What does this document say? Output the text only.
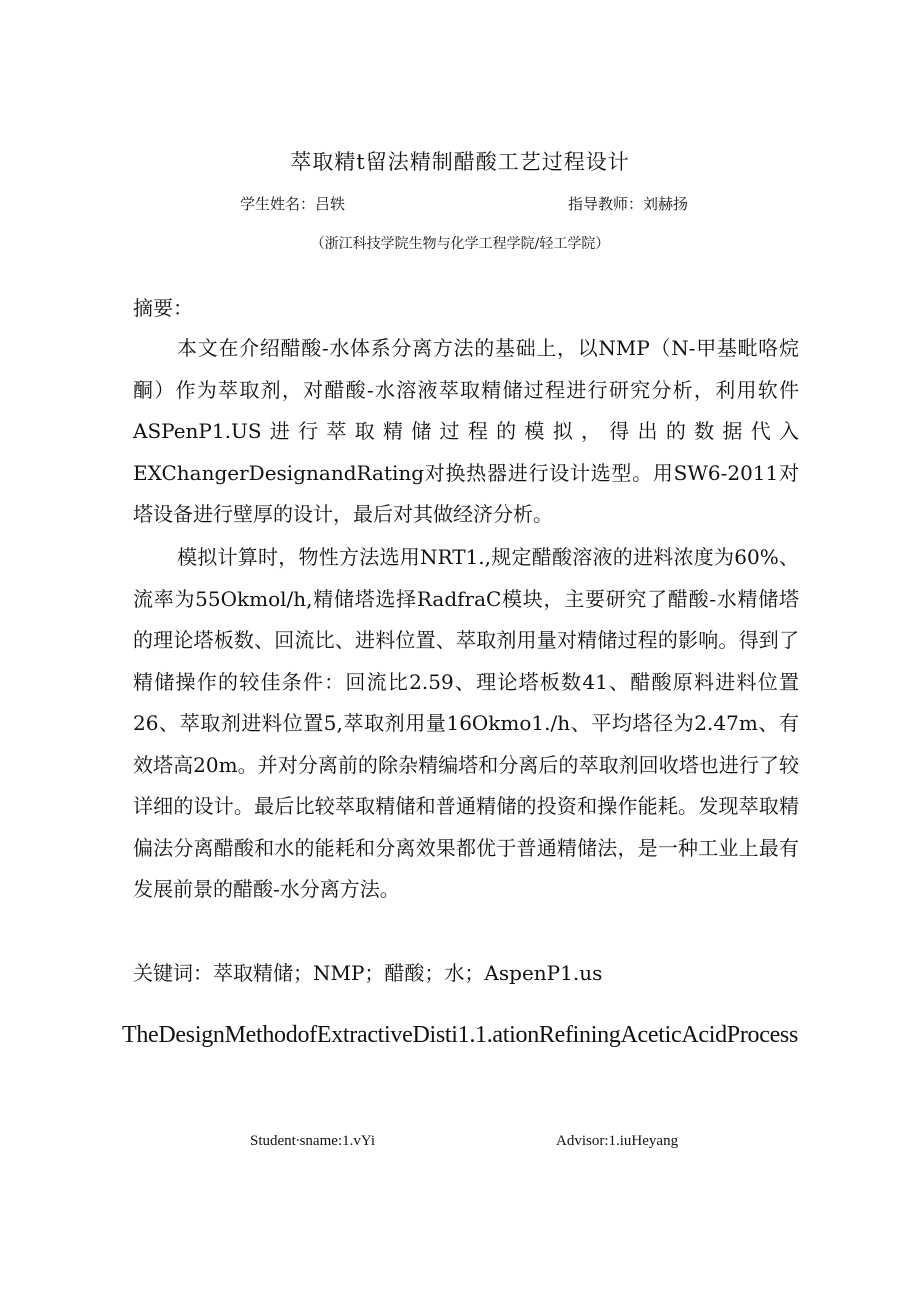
萃取精t留法精制醋酸工艺过程设计
学生姓名：吕轶	指导教师：刘赫扬
（浙江科技学院生物与化学工程学院/轻工学院）
摘要：

本文在介绍醋酸-水体系分离方法的基础上，以NMP（N-甲基毗咯烷酮）作为萃取剂，对醋酸-水溶液萃取精储过程进行研究分析，利用软件ASPenP1.US进行萃取精储过程的模拟，得出的数据代入EXChangerDesignandRating对换热器进行设计选型。用SW6-2011对塔设备进行壁厚的设计，最后对其做经济分析。

模拟计算时，物性方法选用NRT1.,规定醋酸溶液的进料浓度为60%、流率为55Okmol/h,精储塔选择RadfraC模块，主要研究了醋酸-水精储塔的理论塔板数、回流比、进料位置、萃取剂用量对精储过程的影响。得到了精储操作的较佳条件：回流比2.59、理论塔板数41、醋酸原料进料位置26、萃取剂进料位置5,萃取剂用量16Okmo1./h、平均塔径为2.47m、有效塔高20m。并对分离前的除杂精编塔和分离后的萃取剂回收塔也进行了较详细的设计。最后比较萃取精储和普通精储的投资和操作能耗。发现萃取精偏法分离醋酸和水的能耗和分离效果都优于普通精储法，是一种工业上最有发展前景的醋酸-水分离方法。

关键词：萃取精储；NMP；醋酸；水；AspenP1.us
TheDesignMethodofExtractiveDisti1.1.ationRefiningAceticAcidProcess
Student∙sname:1.vYi	Advisor:1.iuHeyang
